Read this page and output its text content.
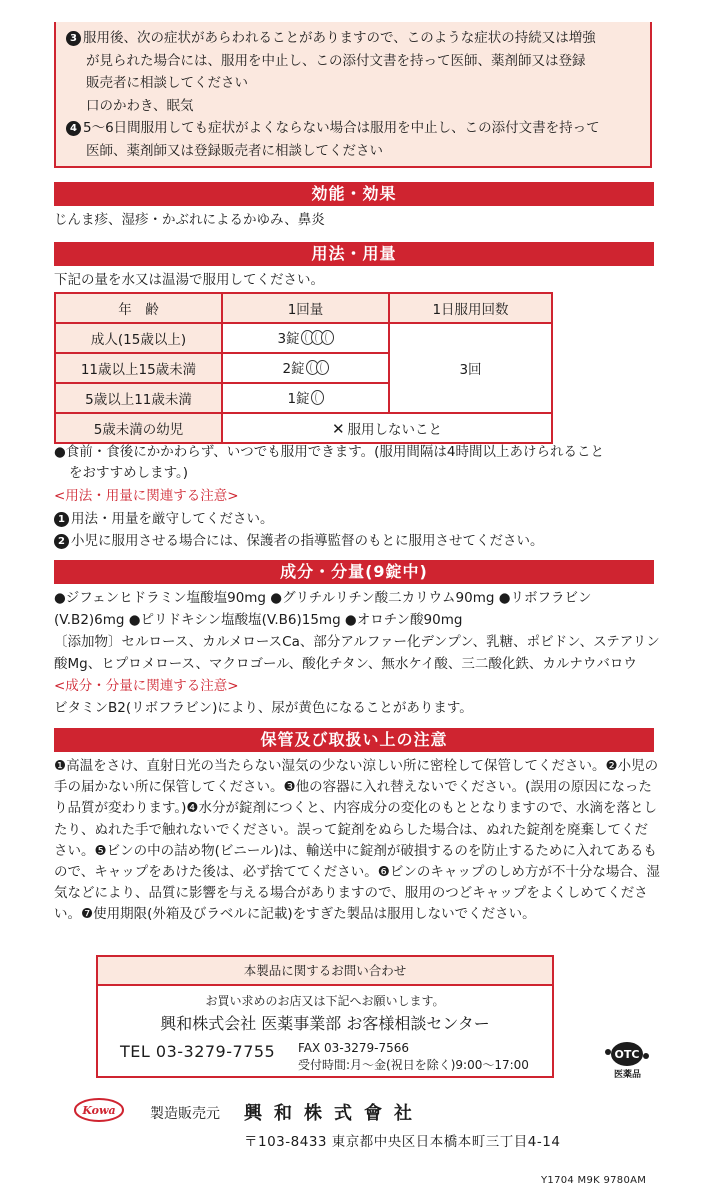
3 服用後、次の症状があらわれることがありますので、このような症状の持続又は増強

が見られた場合には、服用を中止し、この添付文書を持って医師、薬剤師又は登録

販売者に相談してください

口のかわき、眠気

4 5〜6日間服用しても症状がよくならない場合は服用を中止し、この添付文書を持って

医師、薬剤師又は登録販売者に相談してください

効能・効果
じんま疹、湿疹・かぶれによるかゆみ、鼻炎
用法・用量
下記の量を水又は温湯で服用してください。
年　齢	1回量	1日服用回数
成人(15歳以上)	3錠	3回
11歳以上15歳未満	2錠	
5歳以上11歳未満	1錠	
5歳未満の幼児	✕ 服用しないこと	
●食前・食後にかかわらず、いつでも服用できます。(服用間隔は4時間以上あけられること
をおすすめします。)
<用法・用量に関連する注意>
1 用法・用量を厳守してください。
2 小児に服用させる場合には、保護者の指導監督のもとに服用させてください。
成分・分量(9錠中)
●ジフェンヒドラミン塩酸塩90mg ●グリチルリチン酸二カリウム90mg ●リボフラビン
(V.B2)6mg ●ピリドキシン塩酸塩(V.B6)15mg ●オロチン酸90mg
〔添加物〕セルロース、カルメロースCa、部分アルファー化デンプン、乳糖、ポビドン、ステアリン
酸Mg、ヒプロメロース、マクロゴール、酸化チタン、無水ケイ酸、三二酸化鉄、カルナウバロウ
<成分・分量に関連する注意>
ビタミンB2(リボフラビン)により、尿が黄色になることがあります。
保管及び取扱い上の注意
❶高温をさけ、直射日光の当たらない湿気の少ない涼しい所に密栓して保管してください。❷小児の手の届かない所に保管してください。❸他の容器に入れ替えないでください。(誤用の原因になったり品質が変わります。)❹水分が錠剤につくと、内容成分の変化のもととなりますので、水滴を落としたり、ぬれた手で触れないでください。誤って錠剤をぬらした場合は、ぬれた錠剤を廃棄してください。❺ビンの中の詰め物(ビニール)は、輸送中に錠剤が破損するのを防止するために入れてあるもので、キャップをあけた後は、必ず捨ててください。❻ビンのキャップのしめ方が不十分な場合、湿気などにより、品質に影響を与える場合がありますので、服用のつどキャップをよくしめてください。❼使用期限(外箱及びラベルに記載)をすぎた製品は服用しないでください。
本製品に関するお問い合わせ
お買い求めのお店又は下記へお願いします。
興和株式会社 医薬事業部 お客様相談センター
TEL 03-3279-7755 FAX 03-3279-7566
受付時間:月〜金(祝日を除く)9:00〜17:00
OTC
医薬品
Kowa 製造販売元 興和株式會社
〒103-8433 東京都中央区日本橋本町三丁目4-14
Y1704 M9K 9780AM
